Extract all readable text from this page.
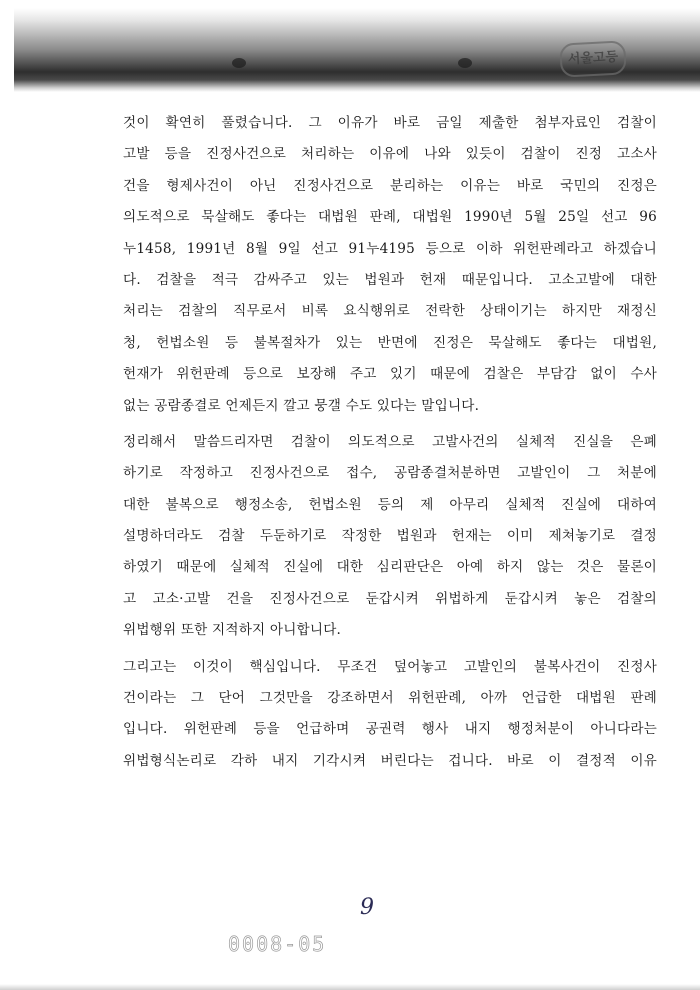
서울고등
것이 확연히 풀렸습니다. 그 이유가 바로 금일 제출한 첨부자료인 검찰이
고발 등을 진정사건으로 처리하는 이유에 나와 있듯이 검찰이 진정 고소사
건을 형제사건이 아닌 진정사건으로 분리하는 이유는 바로 국민의 진정은
의도적으로 묵살해도 좋다는 대법원 판례, 대법원 1990년 5월 25일 선고 96
누1458, 1991년 8월 9일 선고 91누4195 등으로 이하 위헌판례라고 하겠습니
다. 검찰을 적극 감싸주고 있는 법원과 헌재 때문입니다. 고소고발에 대한
처리는 검찰의 직무로서 비록 요식행위로 전락한 상태이기는 하지만 재정신
청, 헌법소원 등 불복절차가 있는 반면에 진정은 묵살해도 좋다는 대법원,
헌재가 위헌판례 등으로 보장해 주고 있기 때문에 검찰은 부담감 없이 수사
없는 공람종결로 언제든지 깔고 뭉갤 수도 있다는 말입니다.
정리해서 말씀드리자면 검찰이 의도적으로 고발사건의 실체적 진실을 은폐
하기로 작정하고 진정사건으로 접수, 공람종결처분하면 고발인이 그 처분에
대한 불복으로 행정소송, 헌법소원 등의 제 아무리 실체적 진실에 대하여
설명하더라도 검찰 두둔하기로 작정한 법원과 헌재는 이미 제쳐놓기로 결정
하였기 때문에 실체적 진실에 대한 심리판단은 아예 하지 않는 것은 물론이
고 고소·고발 건을 진정사건으로 둔갑시켜 위법하게 둔갑시켜 놓은 검찰의
위법행위 또한 지적하지 아니합니다.
그리고는 이것이 핵심입니다. 무조건 덮어놓고 고발인의 불복사건이 진정사
건이라는 그 단어 그것만을 강조하면서 위헌판례, 아까 언급한 대법원 판례
입니다. 위헌판례 등을 언급하며 공권력 행사 내지 행정처분이 아니다라는
위법형식논리로 각하 내지 기각시켜 버린다는 겁니다. 바로 이 결정적 이유
9
0008-05
